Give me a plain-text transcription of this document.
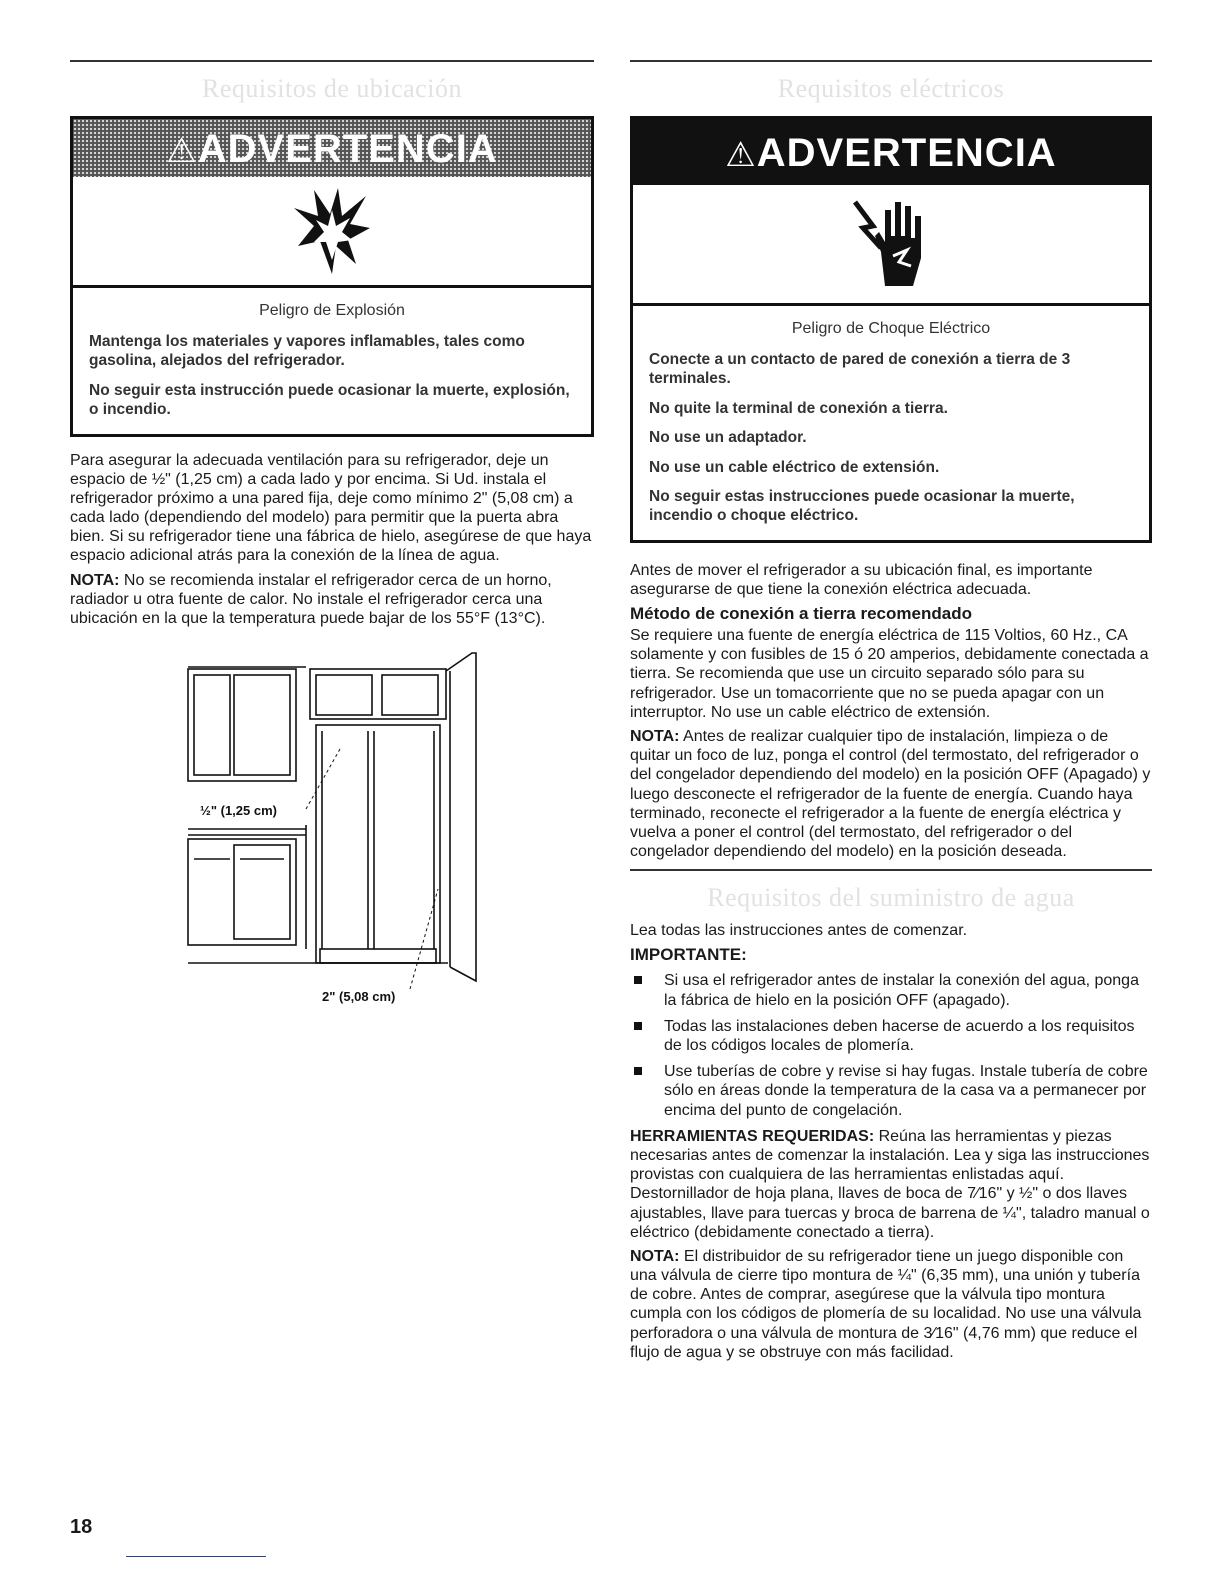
Requisitos de ubicación
⚠ADVERTENCIA
Peligro de Explosión

Mantenga los materiales y vapores inflamables, tales como gasolina, alejados del refrigerador.

No seguir esta instrucción puede ocasionar la muerte, explosión, o incendio.

Para asegurar la adecuada ventilación para su refrigerador, deje un espacio de ½" (1,25 cm) a cada lado y por encima. Si Ud. instala el refrigerador próximo a una pared fija, deje como mínimo 2" (5,08 cm) a cada lado (dependiendo del modelo) para permitir que la puerta abra bien. Si su refrigerador tiene una fábrica de hielo, asegúrese de que haya espacio adicional atrás para la conexión de la línea de agua.

NOTA: No se recomienda instalar el refrigerador cerca de un horno, radiador u otra fuente de calor. No instale el refrigerador cerca una ubicación en la que la temperatura puede bajar de los 55°F (13°C).

½" (1,25 cm)
2" (5,08 cm)
Requisitos eléctricos
⚠ADVERTENCIA
Peligro de Choque Eléctrico

Conecte a un contacto de pared de conexión a tierra de 3 terminales.

No quite la terminal de conexión a tierra.

No use un adaptador.

No use un cable eléctrico de extensión.

No seguir estas instrucciones puede ocasionar la muerte, incendio o choque eléctrico.

Antes de mover el refrigerador a su ubicación final, es importante asegurarse de que tiene la conexión eléctrica adecuada.

Método de conexión a tierra recomendado

Se requiere una fuente de energía eléctrica de 115 Voltios, 60 Hz., CA solamente y con fusibles de 15 ó 20 amperios, debidamente conectada a tierra. Se recomienda que use un circuito separado sólo para su refrigerador. Use un tomacorriente que no se pueda apagar con un interruptor. No use un cable eléctrico de extensión.

NOTA: Antes de realizar cualquier tipo de instalación, limpieza o de quitar un foco de luz, ponga el control (del termostato, del refrigerador o del congelador dependiendo del modelo) en la posición OFF (Apagado) y luego desconecte el refrigerador de la fuente de energía. Cuando haya terminado, reconecte el refrigerador a la fuente de energía eléctrica y vuelva a poner el control (del termostato, del refrigerador o del congelador dependiendo del modelo) en la posición deseada.

Requisitos del suministro de agua

Lea todas las instrucciones antes de comenzar.

IMPORTANTE:
Si usa el refrigerador antes de instalar la conexión del agua, ponga la fábrica de hielo en la posición OFF (apagado).
Todas las instalaciones deben hacerse de acuerdo a los requisitos de los códigos locales de plomería.
Use tuberías de cobre y revise si hay fugas. Instale tubería de cobre sólo en áreas donde la temperatura de la casa va a permanecer por encima del punto de congelación.

HERRAMIENTAS REQUERIDAS: Reúna las herramientas y piezas necesarias antes de comenzar la instalación. Lea y siga las instrucciones provistas con cualquiera de las herramientas enlistadas aquí. Destornillador de hoja plana, llaves de boca de 7⁄16" y ½" o dos llaves ajustables, llave para tuercas y broca de barrena de ¼", taladro manual o eléctrico (debidamente conectado a tierra).

NOTA: El distribuidor de su refrigerador tiene un juego disponible con una válvula de cierre tipo montura de ¼" (6,35 mm), una unión y tubería de cobre. Antes de comprar, asegúrese que la válvula tipo montura cumpla con los códigos de plomería de su localidad. No use una válvula perforadora o una válvula de montura de 3⁄16" (4,76 mm) que reduce el flujo de agua y se obstruye con más facilidad.

18
